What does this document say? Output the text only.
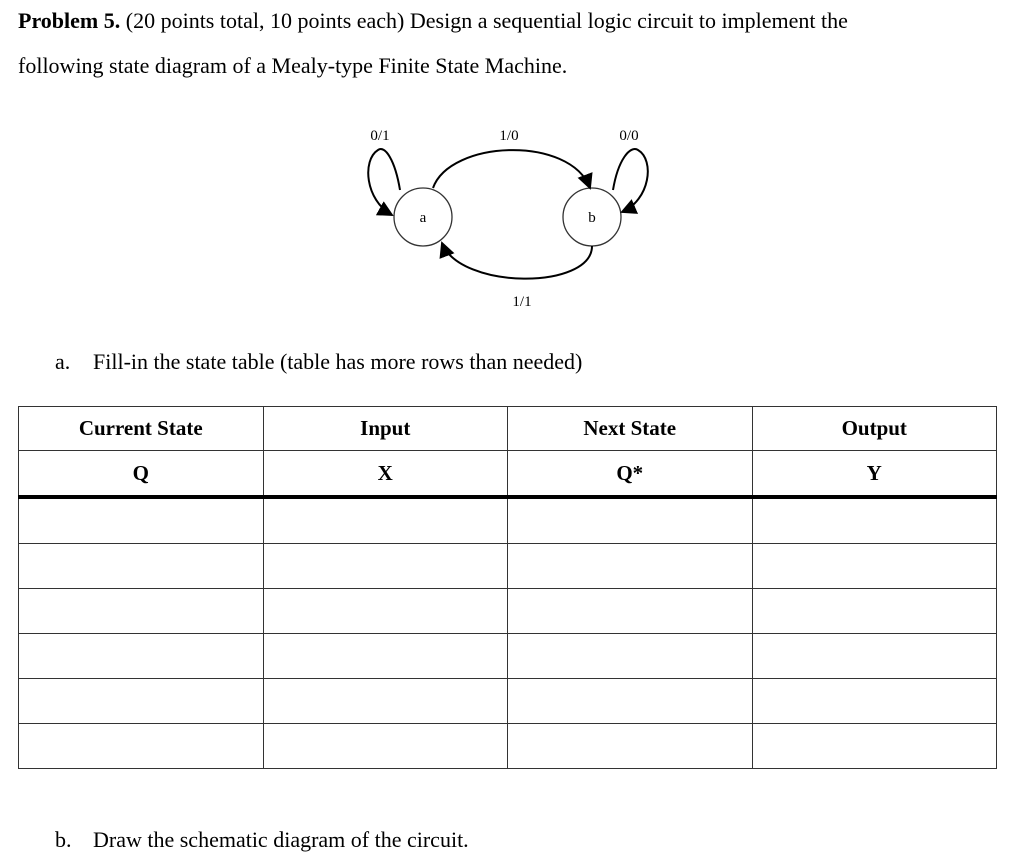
Problem 5. (20 points total, 10 points each) Design a sequential logic circuit to implement the
following state diagram of a Mealy-type Finite State Machine.
a	b
0/1	1/0	0/0
1/1
a. Fill-in the state table (table has more rows than needed)
Current State	Input	Next State	Output
Q	X	Q*	Y

b. Draw the schematic diagram of the circuit.
